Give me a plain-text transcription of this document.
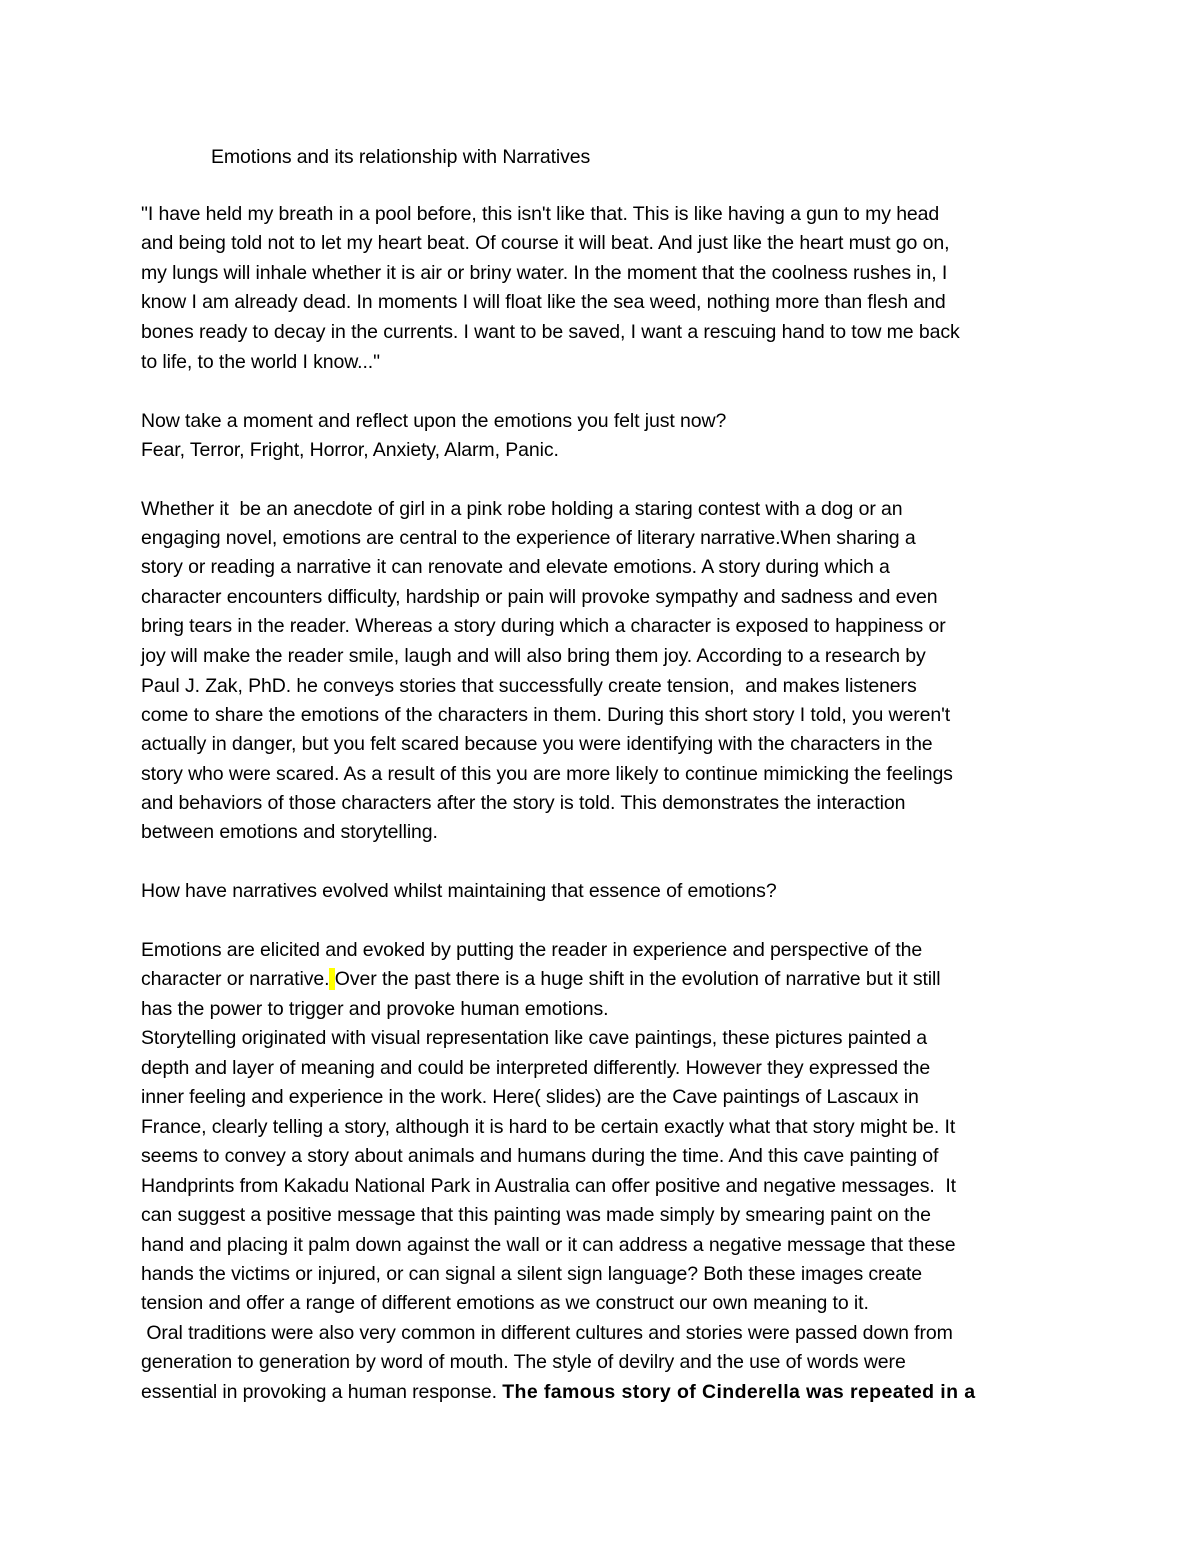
Emotions and its relationship with Narratives
"I have held my breath in a pool before, this isn't like that. This is like having a gun to my head
and being told not to let my heart beat. Of course it will beat. And just like the heart must go on,
my lungs will inhale whether it is air or briny water. In the moment that the coolness rushes in, I
know I am already dead. In moments I will float like the sea weed, nothing more than flesh and
bones ready to decay in the currents. I want to be saved, I want a rescuing hand to tow me back
to life, to the world I know..."
Now take a moment and reflect upon the emotions you felt just now?
Fear, Terror, Fright, Horror, Anxiety, Alarm, Panic.
Whether it  be an anecdote of girl in a pink robe holding a staring contest with a dog or an
engaging novel, emotions are central to the experience of literary narrative.When sharing a
story or reading a narrative it can renovate and elevate emotions. A story during which a
character encounters difficulty, hardship or pain will provoke sympathy and sadness and even
bring tears in the reader. Whereas a story during which a character is exposed to happiness or
joy will make the reader smile, laugh and will also bring them joy. According to a research by
Paul J. Zak, PhD. he conveys stories that successfully create tension,  and makes listeners
come to share the emotions of the characters in them. During this short story I told, you weren't
actually in danger, but you felt scared because you were identifying with the characters in the
story who were scared. As a result of this you are more likely to continue mimicking the feelings
and behaviors of those characters after the story is told. This demonstrates the interaction
between emotions and storytelling.
How have narratives evolved whilst maintaining that essence of emotions?
Emotions are elicited and evoked by putting the reader in experience and perspective of the
character or narrative. Over the past there is a huge shift in the evolution of narrative but it still
has the power to trigger and provoke human emotions.
Storytelling originated with visual representation like cave paintings, these pictures painted a
depth and layer of meaning and could be interpreted differently. However they expressed the
inner feeling and experience in the work. Here( slides) are the Cave paintings of Lascaux in
France, clearly telling a story, although it is hard to be certain exactly what that story might be. It
seems to convey a story about animals and humans during the time. And this cave painting of
Handprints from Kakadu National Park in Australia can offer positive and negative messages.  It
can suggest a positive message that this painting was made simply by smearing paint on the
hand and placing it palm down against the wall or it can address a negative message that these
hands the victims or injured, or can signal a silent sign language? Both these images create
tension and offer a range of different emotions as we construct our own meaning to it.
Oral traditions were also very common in different cultures and stories were passed down from
generation to generation by word of mouth. The style of devilry and the use of words were
essential in provoking a human response. The famous story of Cinderella was repeated in a
